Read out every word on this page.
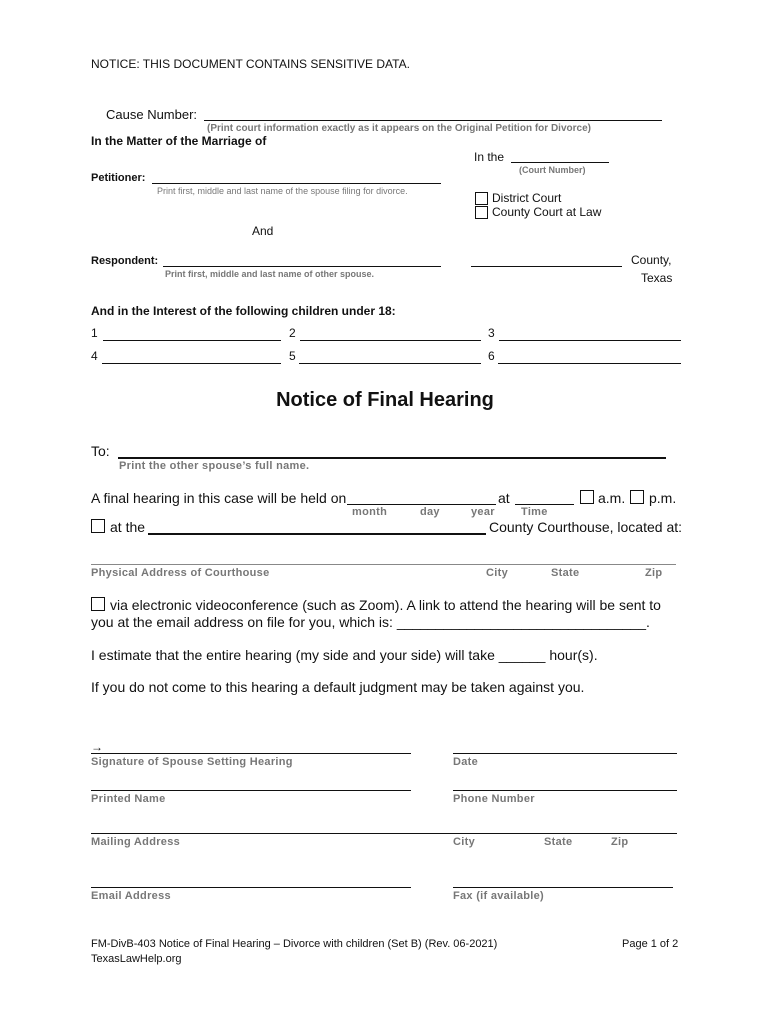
NOTICE: THIS DOCUMENT CONTAINS SENSITIVE DATA.
Cause Number:
(Print court information exactly as it appears on the Original Petition for Divorce)
In the Matter of the Marriage of
In the
(Court Number)
Petitioner:
Print first, middle and last name of the spouse filing for divorce.	District Court
County Court at Law
And
Respondent:
Print first, middle and last name of other spouse.
County,
Texas
And in the Interest of the following children under 18:
1	2	3
4	5	6
Notice of Final Hearing
To:
Print the other spouse’s full name.
A final hearing in this case will be held on	at	a.m. p.m.
month	day	year Time
at the	County Courthouse, located at:
Physical Address of Courthouse	City	State	Zip
via electronic videoconference (such as Zoom). A link to attend the hearing will be sent to
you at the email address on file for you, which is: ________________________________.
I estimate that the entire hearing (my side and your side) will take ______ hour(s).
If you do not come to this hearing a default judgment may be taken against you.
→
Signature of Spouse Setting Hearing	Date
Printed Name	Phone Number
Mailing Address	City	State	Zip
Email Address	Fax (if available)
FM-DivB-403 Notice of Final Hearing – Divorce with children (Set B) (Rev. 06-2021)
TexasLawHelp.org
Page 1 of 2
